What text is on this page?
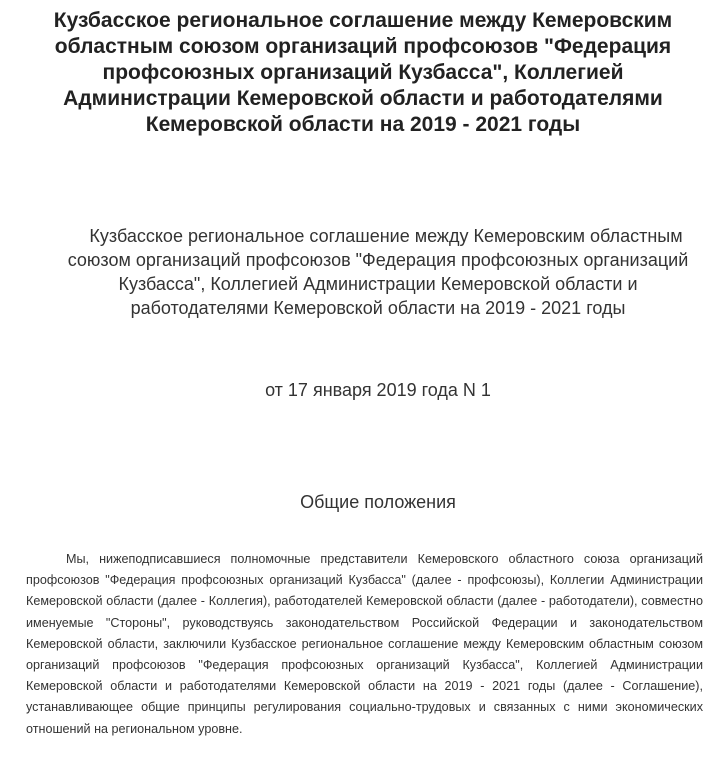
Кузбасское региональное соглашение между Кемеровским областным союзом организаций профсоюзов "Федерация профсоюзных организаций Кузбасса", Коллегией Администрации Кемеровской области и работодателями Кемеровской области на 2019 - 2021 годы

Кузбасское региональное соглашение между Кемеровским областным союзом организаций профсоюзов "Федерация профсоюзных организаций Кузбасса", Коллегией Администрации Кемеровской области и работодателями Кемеровской области на 2019 - 2021 годы

от 17 января 2019 года N 1

Общие положения

Мы, нижеподписавшиеся полномочные представители Кемеровского областного союза организаций профсоюзов "Федерация профсоюзных организаций Кузбасса" (далее - профсоюзы), Коллегии Администрации Кемеровской области (далее - Коллегия), работодателей Кемеровской области (далее - работодатели), совместно именуемые "Стороны", руководствуясь законодательством Российской Федерации и законодательством Кемеровской области, заключили Кузбасское региональное соглашение между Кемеровским областным союзом организаций профсоюзов "Федерация профсоюзных организаций Кузбасса", Коллегией Администрации Кемеровской области и работодателями Кемеровской области на 2019 - 2021 годы (далее - Соглашение), устанавливающее общие принципы регулирования социально-трудовых и связанных с ними экономических отношений на региональном уровне.
